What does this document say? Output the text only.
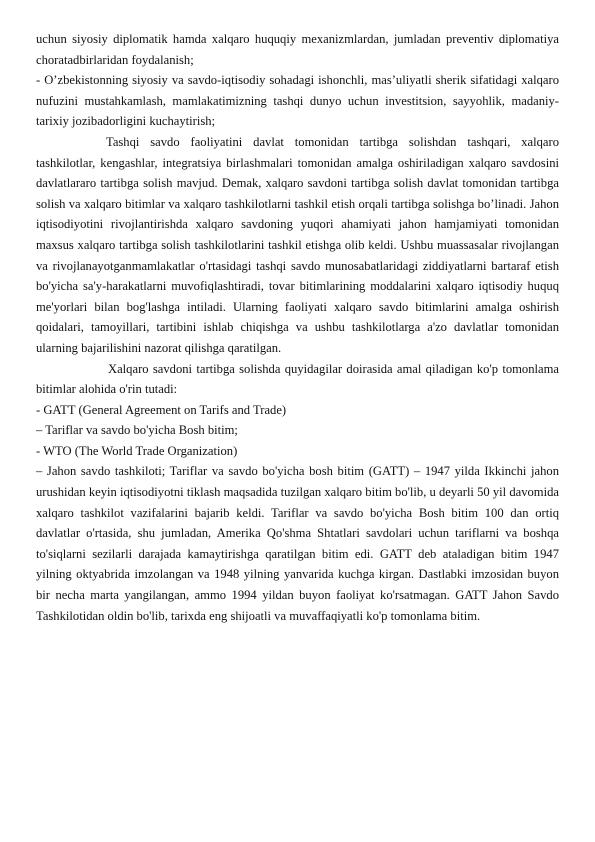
uchun siyosiy diplomatik hamda xalqaro huquqiy mexanizmlardan, jumladan preventiv diplomatiya choratadbirlaridan foydalanish;

- O’zbekistonning siyosiy va savdo-iqtisodiy sohadagi ishonchli, mas’uliyatli sherik sifatidagi xalqaro nufuzini mustahkamlash, mamlakatimizning tashqi dunyo uchun investitsion, sayyohlik, madaniy-tarixiy jozibadorligini kuchaytirish;

Tashqi savdo faoliyatini davlat tomonidan tartibga solishdan tashqari, xalqaro tashkilotlar, kengashlar, integratsiya birlashmalari tomonidan amalga oshiriladigan xalqaro savdosini davlatlararo tartibga solish mavjud. Demak, xalqaro savdoni tartibga solish davlat tomonidan tartibga solish va xalqaro bitimlar va xalqaro tashkilotlarni tashkil etish orqali tartibga solishga bo’linadi. Jahon iqtisodiyotini rivojlantirishda xalqaro savdoning yuqori ahamiyati jahon hamjamiyati tomonidan maxsus xalqaro tartibga solish tashkilotlarini tashkil etishga olib keldi. Ushbu muassasalar rivojlangan va rivojlanayotganmamlakatlar o'rtasidagi tashqi savdo munosabatlaridagi ziddiyatlarni bartaraf etish bo'yicha sa'y-harakatlarni muvofiqlashtiradi, tovar bitimlarining moddalarini xalqaro iqtisodiy huquq me'yorlari bilan bog'lashga intiladi. Ularning faoliyati xalqaro savdo bitimlarini amalga oshirish qoidalari, tamoyillari, tartibini ishlab chiqishga va ushbu tashkilotlarga a'zo davlatlar tomonidan ularning bajarilishini nazorat qilishga qaratilgan.

Xalqaro savdoni tartibga solishda quyidagilar doirasida amal qiladigan ko'p tomonlama bitimlar alohida o'rin tutadi:

- GATT (General Agreement on Tarifs and Trade)

– Tariflar va savdo bo'yicha Bosh bitim;

- WTO (The World Trade Organization)

– Jahon savdo tashkiloti; Tariflar va savdo bo'yicha bosh bitim (GATT) – 1947 yilda Ikkinchi jahon urushidan keyin iqtisodiyotni tiklash maqsadida tuzilgan xalqaro bitim bo'lib, u deyarli 50 yil davomida xalqaro tashkilot vazifalarini bajarib keldi. Tariflar va savdo bo'yicha Bosh bitim 100 dan ortiq davlatlar o'rtasida, shu jumladan, Amerika Qo'shma Shtatlari savdolari uchun tariflarni va boshqa to'siqlarni sezilarli darajada kamaytirishga qaratilgan bitim edi. GATT deb ataladigan bitim 1947 yilning oktyabrida imzolangan va 1948 yilning yanvarida kuchga kirgan. Dastlabki imzosidan buyon bir necha marta yangilangan, ammo 1994 yildan buyon faoliyat ko'rsatmagan. GATT Jahon Savdo Tashkilotidan oldin bo'lib, tarixda eng shijoatli va muvaffaqiyatli ko'p tomonlama bitim.
